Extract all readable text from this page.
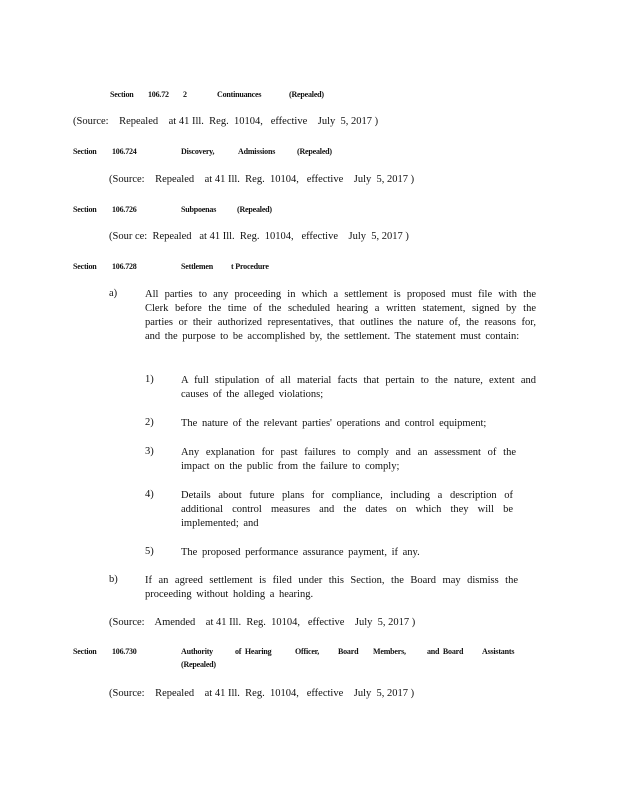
Section 106.72 2	Continuances	(Repealed)
(Source:    Repealed    at 41 Ill.  Reg.  10104,   effective    July  5, 2017 )
Section 106.724	Discovery,	Admissions	(Repealed)
(Source:    Repealed    at 41 Ill.  Reg.  10104,   effective    July  5, 2017 )
Section 106.726	Subpoenas	(Repealed)
(Sour ce:  Repealed   at 41 Ill.  Reg.  10104,   effective    July  5, 2017 )
Section 106.728	Settlemen t Procedure
a)	All parties to any proceeding in which a settlement is proposed must file with the Clerk before the time of the scheduled hearing a written statement, signed by the parties or their authorized representatives, that outlines the nature of, the reasons for, and the purpose to be accomplished by, the settlement. The statement must contain:
1)	A full stipulation of all material facts that pertain to the nature, extent and causes of the alleged violations;
2)	The nature of the relevant parties' operations and control equipment;
3)	Any explanation for past failures to comply and an assessment of the impact on the public from the failure to comply;
4)	Details about future plans for compliance, including a description of additional control measures and the dates on which they will be implemented; and
5)	The proposed performance assurance payment, if any.
b)	If an agreed settlement is filed under this Section, the Board may dismiss the proceeding without holding a hearing.
(Source:    Amended    at 41 Ill.  Reg.  10104,   effective    July  5, 2017 )
Section 106.730	Authority	of  Hearing	Officer, Board Members,	and  Board Assistants
(Repealed)
(Source:    Repealed    at 41 Ill.  Reg.  10104,   effective    July  5, 2017 )
